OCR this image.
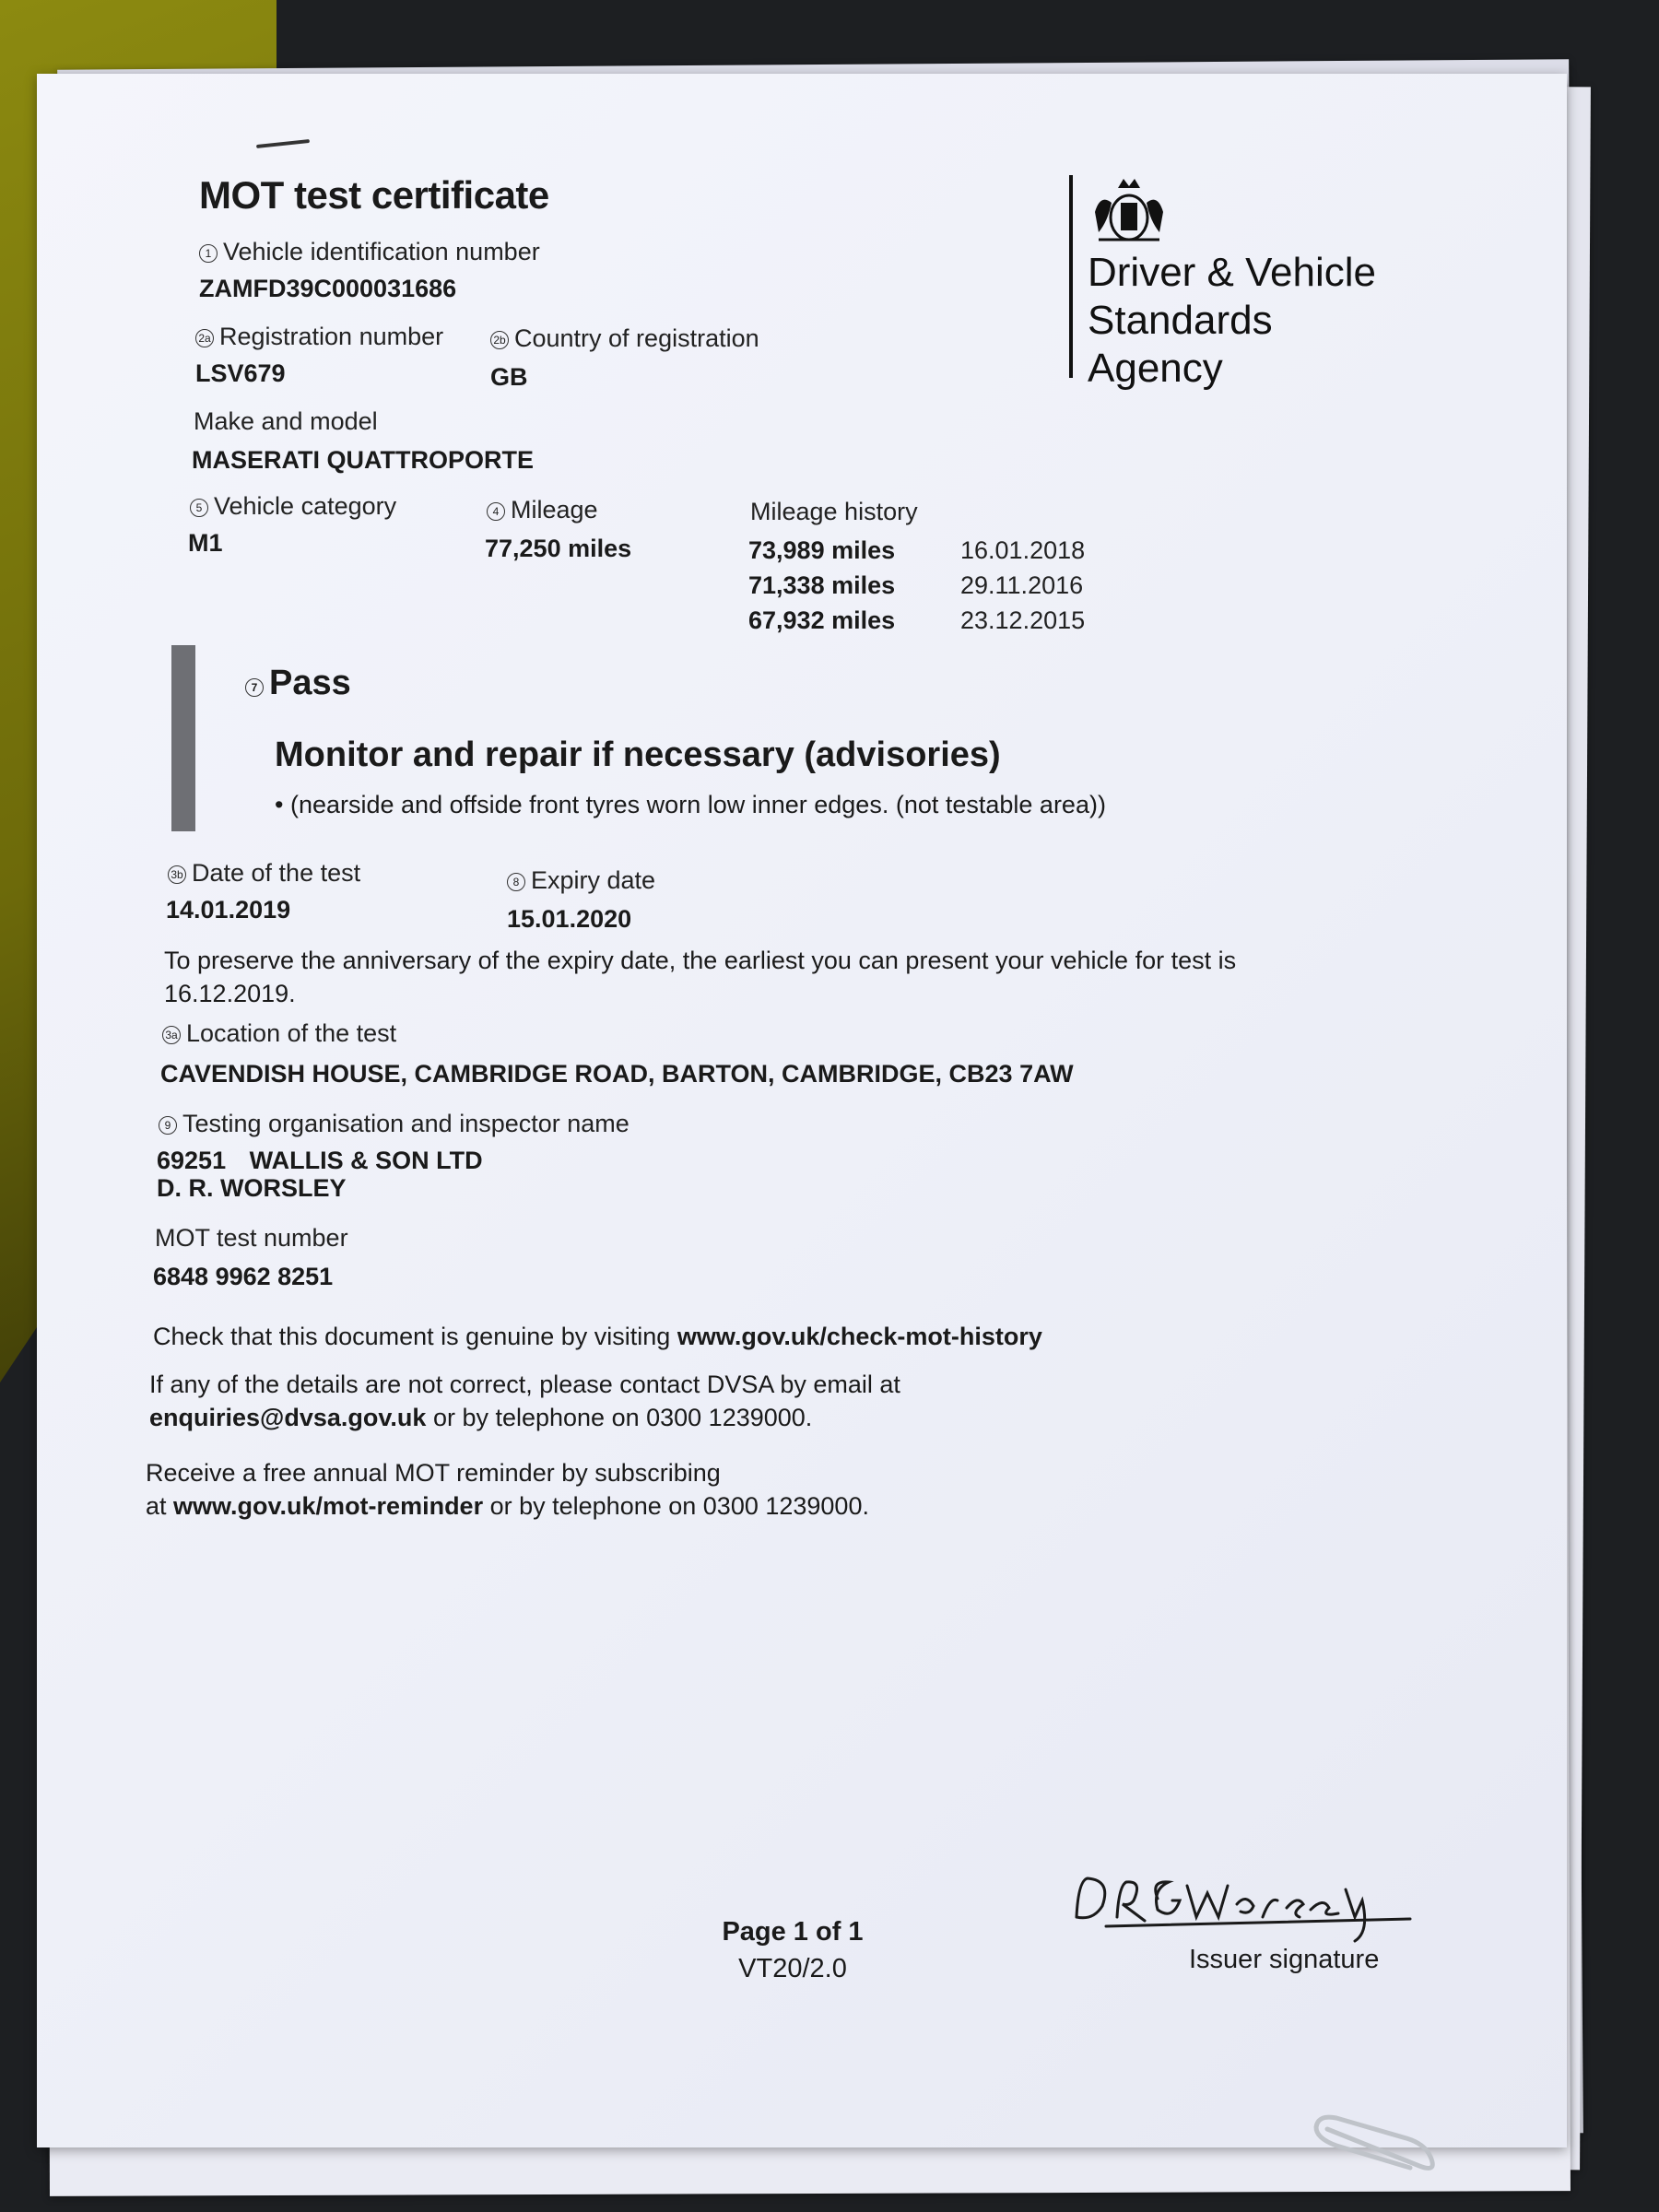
MOT test certificate
Driver & Vehicle
Standards
Agency
1 Vehicle identification number
ZAMFD39C000031686
2a Registration number
LSV679
2b Country of registration
GB
Make and model
MASERATI QUATTROPORTE
5 Vehicle category
M1
4 Mileage
77,250 miles
Mileage history
73,989 miles	16.01.2018
71,338 miles	29.11.2016
67,932 miles	23.12.2015
7 Pass
Monitor and repair if necessary (advisories)
• (nearside and offside front tyres worn low inner edges. (not testable area))
3b Date of the test
14.01.2019
8 Expiry date
15.01.2020
To preserve the anniversary of the expiry date, the earliest you can present your vehicle for test is
16.12.2019.
3a Location of the test
CAVENDISH HOUSE, CAMBRIDGE ROAD, BARTON, CAMBRIDGE, CB23 7AW
9 Testing organisation and inspector name
69251 WALLIS & SON LTD
D. R. WORSLEY
MOT test number
6848 9962 8251
Check that this document is genuine by visiting www.gov.uk/check-mot-history
If any of the details are not correct, please contact DVSA by email at
enquiries@dvsa.gov.uk or by telephone on 0300 1239000.
Receive a free annual MOT reminder by subscribing
at www.gov.uk/mot-reminder or by telephone on 0300 1239000.
Page 1 of 1
VT20/2.0	Issuer signature
